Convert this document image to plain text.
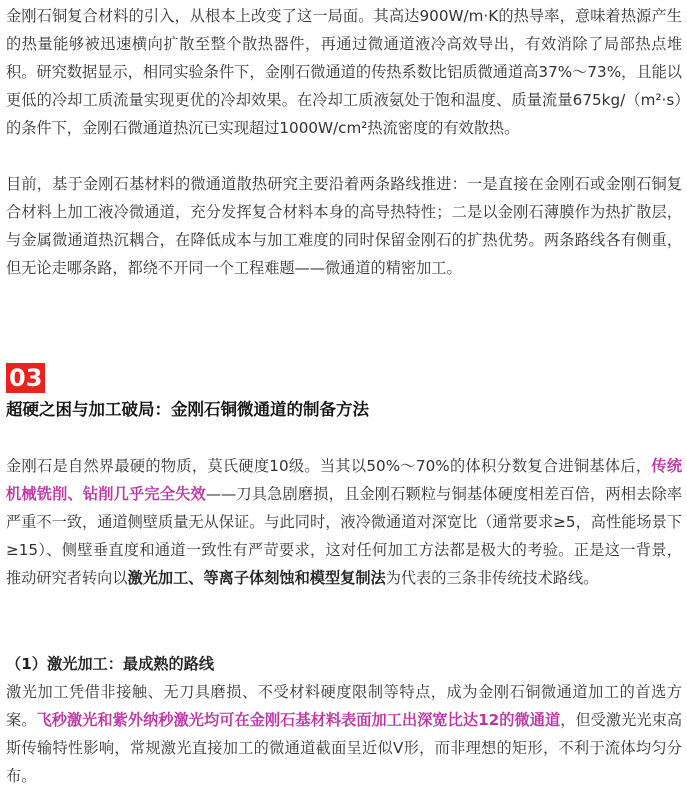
金刚石铜复合材料的引入，从根本上改变了这一局面。其高达900W/m·K的热导率，意味着热源产生的热量能够被迅速横向扩散至整个散热器件，再通过微通道液冷高效导出，有效消除了局部热点堆积。研究数据显示，相同实验条件下，金刚石微通道的传热系数比铝质微通道高37%～73%，且能以更低的冷却工质流量实现更优的冷却效果。在冷却工质液氨处于饱和温度、质量流量675kg/（m²·s）的条件下，金刚石微通道热沉已实现超过1000W/cm²热流密度的有效散热。

目前，基于金刚石基材料的微通道散热研究主要沿着两条路线推进：一是直接在金刚石或金刚石铜复合材料上加工液冷微通道，充分发挥复合材料本身的高导热特性；二是以金刚石薄膜作为热扩散层，与金属微通道热沉耦合，在降低成本与加工难度的同时保留金刚石的扩热优势。两条路线各有侧重，但无论走哪条路，都绕不开同一个工程难题——微通道的精密加工。

03
超硬之困与加工破局：金刚石铜微通道的制备方法

金刚石是自然界最硬的物质，莫氏硬度10级。当其以50%～70%的体积分数复合进铜基体后，传统机械铣削、钻削几乎完全失效——刀具急剧磨损，且金刚石颗粒与铜基体硬度相差百倍，两相去除率严重不一致，通道侧壁质量无从保证。与此同时，液冷微通道对深宽比（通常要求≥5，高性能场景下≥15）、侧壁垂直度和通道一致性有严苛要求，这对任何加工方法都是极大的考验。正是这一背景，推动研究者转向以激光加工、等离子体刻蚀和模型复制法为代表的三条非传统技术路线。

（1）激光加工：最成熟的路线

激光加工凭借非接触、无刀具磨损、不受材料硬度限制等特点，成为金刚石铜微通道加工的首选方案。飞秒激光和紫外纳秒激光均可在金刚石基材料表面加工出深宽比达12的微通道，但受激光光束高斯传输特性影响，常规激光直接加工的微通道截面呈近似V形，而非理想的矩形，不利于流体均匀分布。
